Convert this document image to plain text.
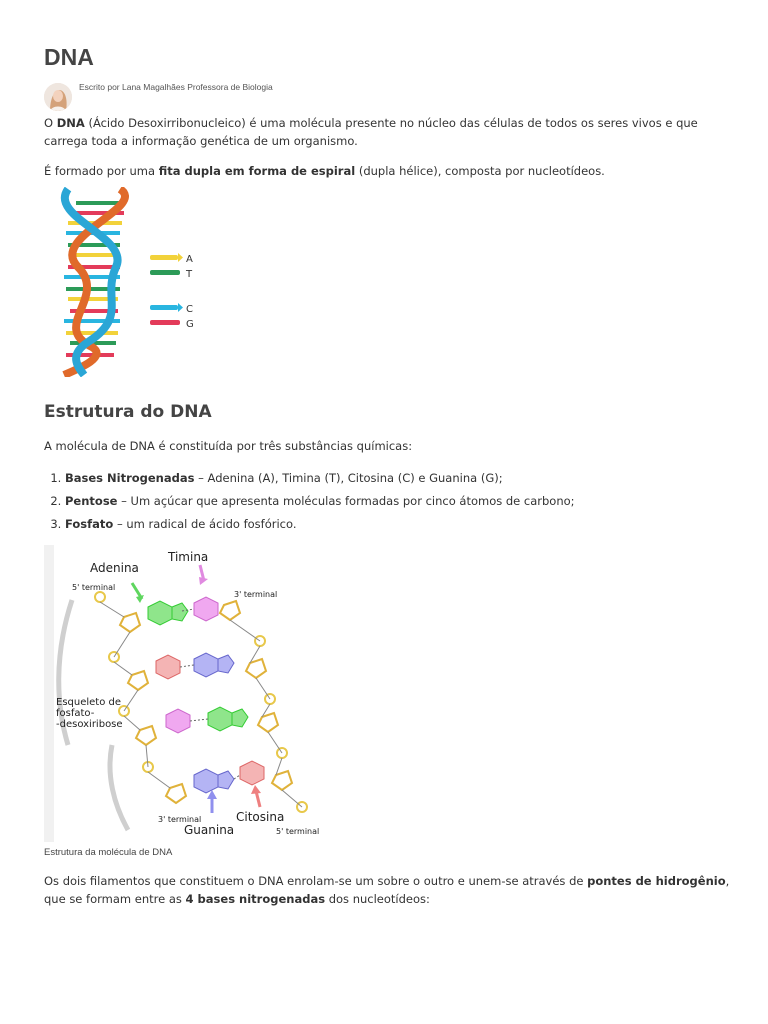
DNA
Escrito por Lana Magalhães Professora de Biologia

O DNA (Ácido Desoxirribonucleico) é uma molécula presente no núcleo das células de todos os seres vivos e que carrega toda a informação genética de um organismo.

É formado por uma fita dupla em forma de espiral (dupla hélice), composta por nucleotídeos.

A
T
C
G
Estrutura do DNA

A molécula de DNA é constituída por três substâncias químicas:

1. Bases Nitrogenadas – Adenina (A), Timina (T), Citosina (C) e Guanina (G);
2. Pentose – Um açúcar que apresenta moléculas formadas por cinco átomos de carbono;
3. Fosfato – um radical de ácido fosfórico.
Timina
Adenina
5' terminal
3' terminal
Esqueleto de
fosfato-
-desoxiribose
3' terminal
Guanina
Citosina
5' terminal
Estrutura da molécula de DNA

Os dois filamentos que constituem o DNA enrolam-se um sobre o outro e unem-se através de pontes de hidrogênio, que se formam entre as 4 bases nitrogenadas dos nucleotídeos:
